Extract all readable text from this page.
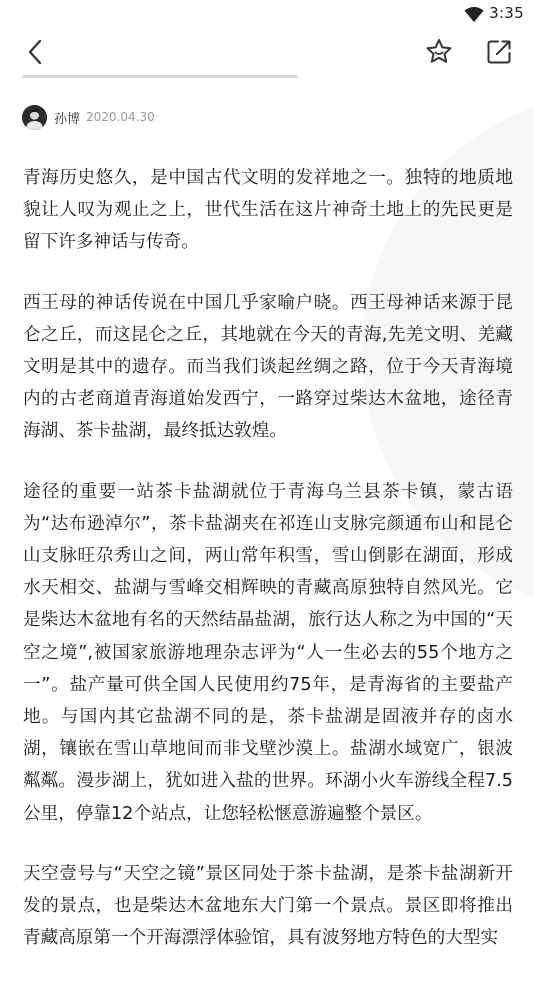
3:35
孙博 2020.04.30

青海历史悠久，是中国古代文明的发祥地之一。独特的地质地貌让人叹为观止之上，世代生活在这片神奇土地上的先民更是留下许多神话与传奇。

西王母的神话传说在中国几乎家喻户晓。西王母神话来源于昆仑之丘，而这昆仑之丘，其地就在今天的青海,先羌文明、羌藏文明是其中的遗存。而当我们谈起丝绸之路，位于今天青海境内的古老商道青海道始发西宁，一路穿过柴达木盆地，途径青海湖、茶卡盐湖，最终抵达敦煌。

途径的重要一站茶卡盐湖就位于青海乌兰县茶卡镇，蒙古语为“达布逊淖尔”，茶卡盐湖夹在祁连山支脉完颜通布山和昆仑山支脉旺尕秀山之间，两山常年积雪，雪山倒影在湖面，形成水天相交、盐湖与雪峰交相辉映的青藏高原独特自然风光。它是柴达木盆地有名的天然结晶盐湖，旅行达人称之为中国的“天空之境”,被国家旅游地理杂志评为“人一生必去的55个地方之一”。盐产量可供全国人民使用约75年，是青海省的主要盐产地。与国内其它盐湖不同的是，茶卡盐湖是固液并存的卤水湖，镶嵌在雪山草地间而非戈壁沙漠上。盐湖水域宽广，银波粼粼。漫步湖上，犹如进入盐的世界。环湖小火车游线全程7.5公里，停靠12个站点，让您轻松惬意游遍整个景区。

天空壹号与“天空之镜”景区同处于茶卡盐湖，是茶卡盐湖新开发的景点，也是柴达木盆地东大门第一个景点。景区即将推出青藏高原第一个开海漂浮体验馆，具有波努地方特色的大型实
